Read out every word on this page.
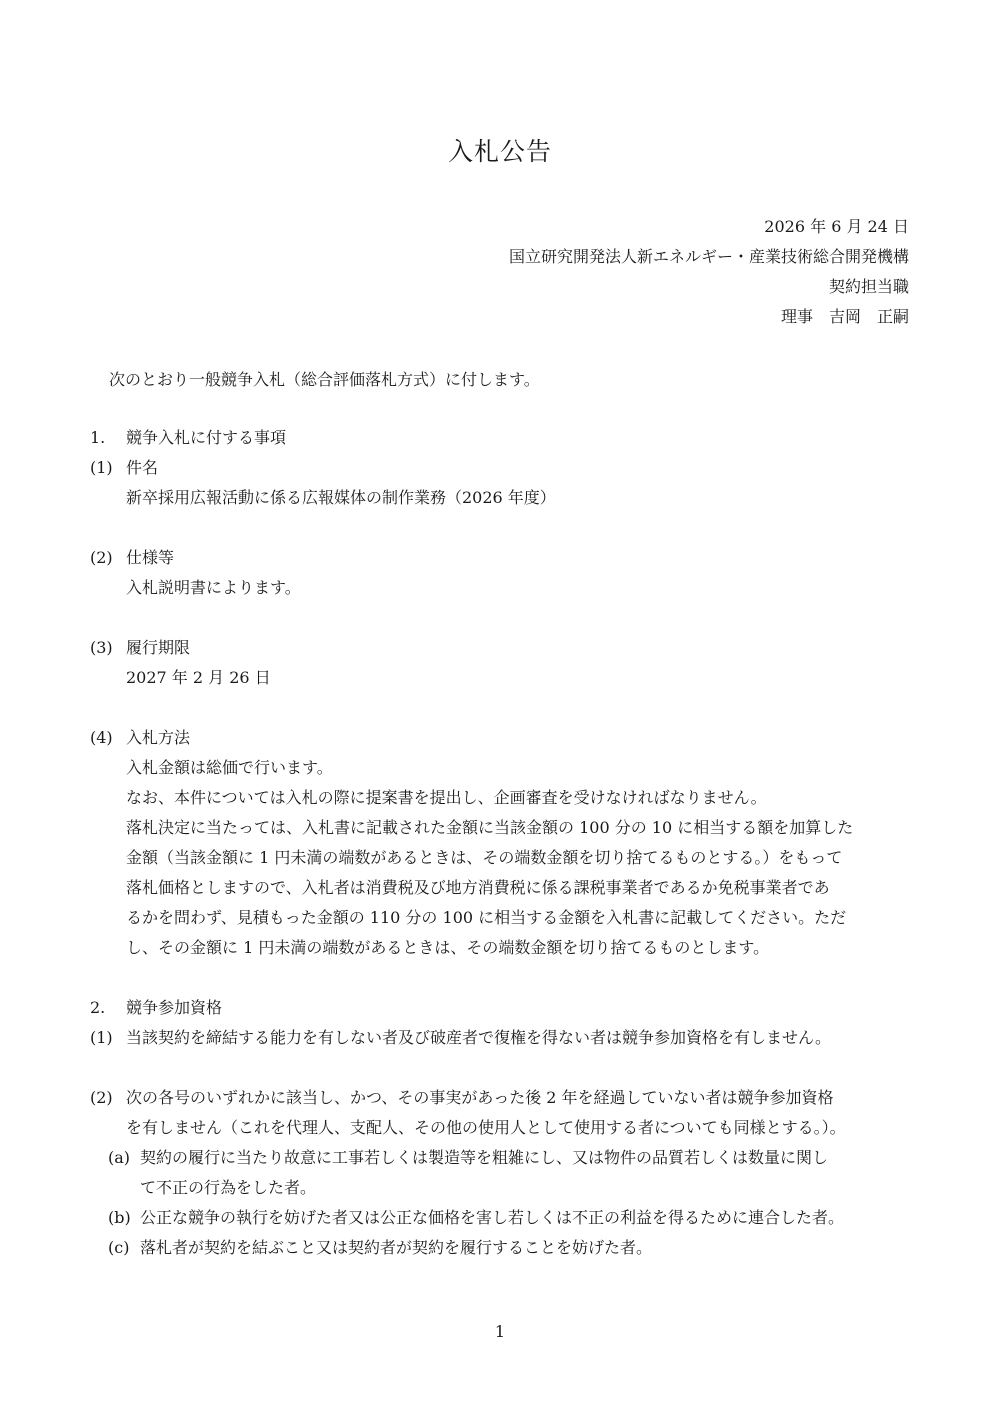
入札公告
2026 年 6 月 24 日
国立研究開発法人新エネルギー・産業技術総合開発機構
契約担当職
理事　吉岡　正嗣
次のとおり一般競争入札（総合評価落札方式）に付します。
1. 競争入札に付する事項
(1) 件名
新卒採用広報活動に係る広報媒体の制作業務（2026 年度）
(2) 仕様等
入札説明書によります。
(3) 履行期限
2027 年 2 月 26 日
(4) 入札方法
入札金額は総価で行います。
なお、本件については入札の際に提案書を提出し、企画審査を受けなければなりません。
落札決定に当たっては、入札書に記載された金額に当該金額の 100 分の 10 に相当する額を加算した
金額（当該金額に 1 円未満の端数があるときは、その端数金額を切り捨てるものとする。）をもって
落札価格としますので、入札者は消費税及び地方消費税に係る課税事業者であるか免税事業者であ
るかを問わず、見積もった金額の 110 分の 100 に相当する金額を入札書に記載してください。ただ
し、その金額に 1 円未満の端数があるときは、その端数金額を切り捨てるものとします。
2. 競争参加資格
(1) 当該契約を締結する能力を有しない者及び破産者で復権を得ない者は競争参加資格を有しません。
(2) 次の各号のいずれかに該当し、かつ、その事実があった後 2 年を経過していない者は競争参加資格
を有しません（これを代理人、支配人、その他の使用人として使用する者についても同様とする。）。
(a) 契約の履行に当たり故意に工事若しくは製造等を粗雑にし、又は物件の品質若しくは数量に関し
て不正の行為をした者。
(b) 公正な競争の執行を妨げた者又は公正な価格を害し若しくは不正の利益を得るために連合した者。
(c) 落札者が契約を結ぶこと又は契約者が契約を履行することを妨げた者。
1
